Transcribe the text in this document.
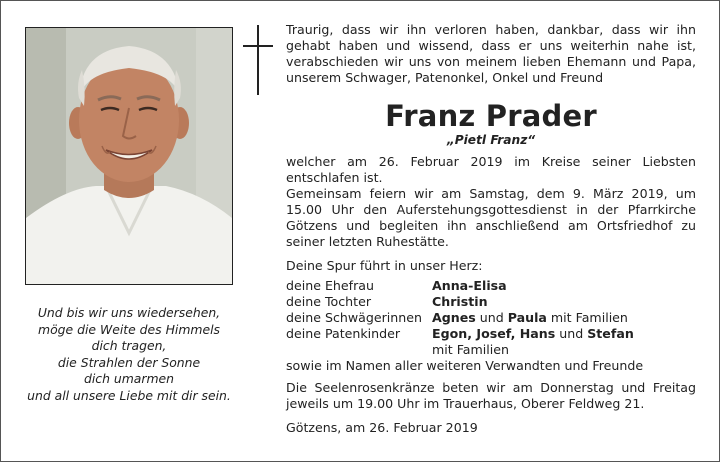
Und bis wir uns wiedersehen,
möge die Weite des Himmels
dich tragen,
die Strahlen der Sonne
dich umarmen
und all unsere Liebe mit dir sein.

Traurig, dass wir ihn verloren haben, dankbar, dass wir ihn gehabt haben und wissend, dass er uns weiterhin nahe ist, verabschieden wir uns von meinem lieben Ehemann und Papa, unserem Schwager, Patenonkel, Onkel und Freund

Franz Prader
„Pietl Franz“

welcher am 26. Februar 2019 im Kreise seiner Liebsten entschlafen ist.

Gemeinsam feiern wir am Samstag, dem 9. März 2019, um 15.00 Uhr den Auferstehungsgottesdienst in der Pfarrkirche Götzens und begleiten ihn anschließend am Ortsfriedhof zu seiner letzten Ruhestätte.

Deine Spur führt in unser Herz:

deine Ehefrau	Anna-Elisa
deine Tochter	Christin
deine Schwägerinnen	Agnes und Paula mit Familien
deine Patenkinder	Egon, Josef, Hans und Stefan
	mit Familien

sowie im Namen aller weiteren Verwandten und Freunde

Die Seelenrosenkränze beten wir am Donnerstag und Freitag jeweils um 19.00 Uhr im Trauerhaus, Oberer Feldweg 21.

Götzens, am 26. Februar 2019
